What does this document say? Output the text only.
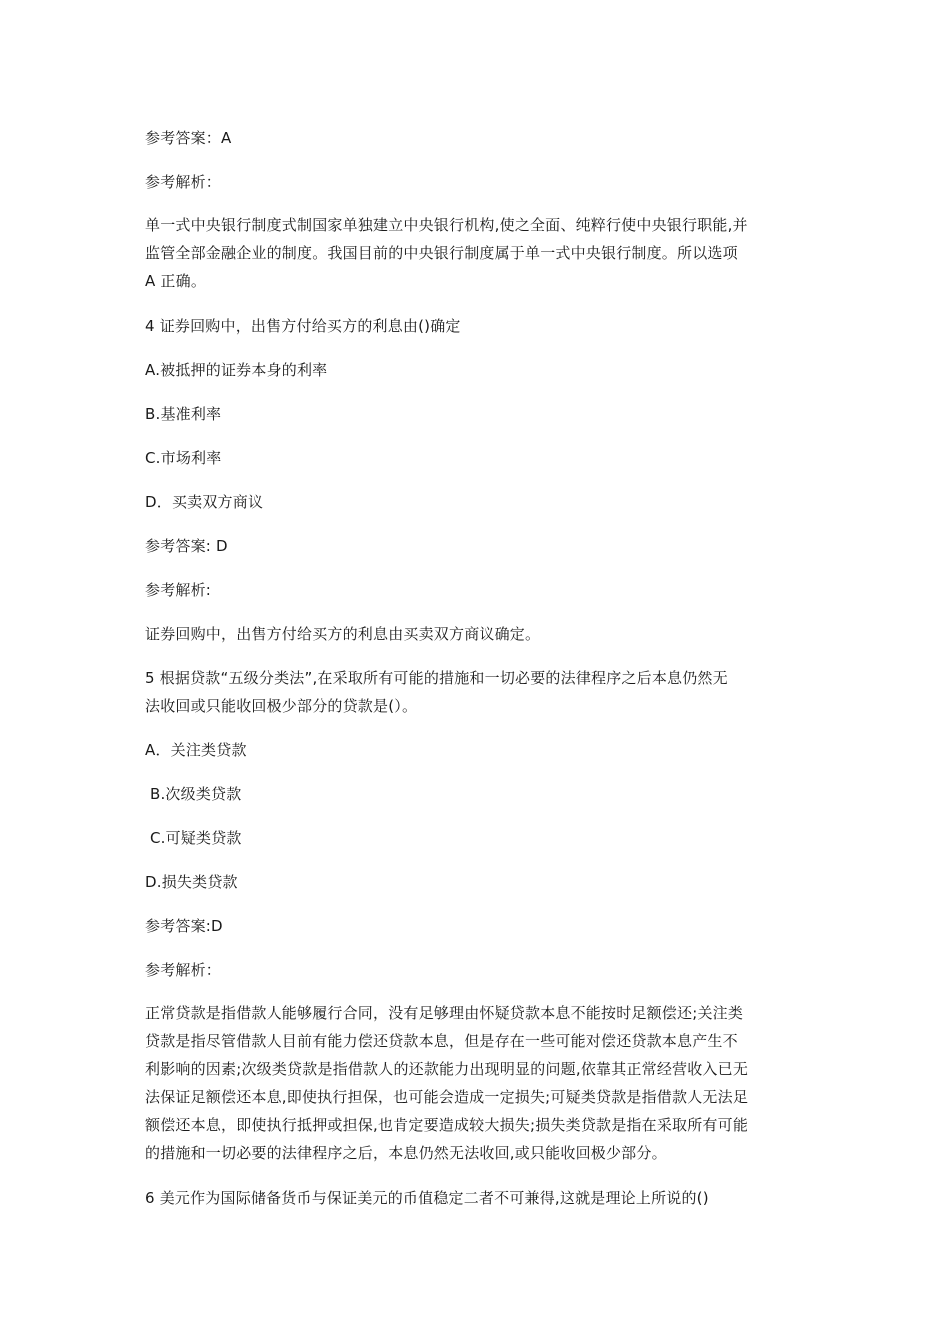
参考答案：A
参考解析：
单一式中央银行制度式制国家单独建立中央银行机构,使之全面、纯粹行使中央银行职能,并
监管全部金融企业的制度。我国目前的中央银行制度属于单一式中央银行制度。所以选项
A 正确。
4 证券回购中，出售方付给买方的利息由()确定
A.被抵押的证券本身的利率
B.基准利率
C.市场利率
D．买卖双方商议
参考答案: D
参考解析:
证券回购中，出售方付给买方的利息由买卖双方商议确定。
5 根据贷款“五级分类法”,在采取所有可能的措施和一切必要的法律程序之后本息仍然无
法收回或只能收回极少部分的贷款是(）。
A．关注类贷款
B.次级类贷款
C.可疑类贷款
D.损失类贷款
参考答案:D
参考解析：
正常贷款是指借款人能够履行合同，没有足够理由怀疑贷款本息不能按时足额偿还;关注类
贷款是指尽管借款人目前有能力偿还贷款本息，但是存在一些可能对偿还贷款本息产生不
利影响的因素;次级类贷款是指借款人的还款能力出现明显的问题,依靠其正常经营收入已无
法保证足额偿还本息,即使执行担保，也可能会造成一定损失;可疑类贷款是指借款人无法足
额偿还本息，即使执行抵押或担保,也肯定要造成较大损失;损失类贷款是指在采取所有可能
的措施和一切必要的法律程序之后，本息仍然无法收回,或只能收回极少部分。
6 美元作为国际储备货币与保证美元的币值稳定二者不可兼得,这就是理论上所说的()
